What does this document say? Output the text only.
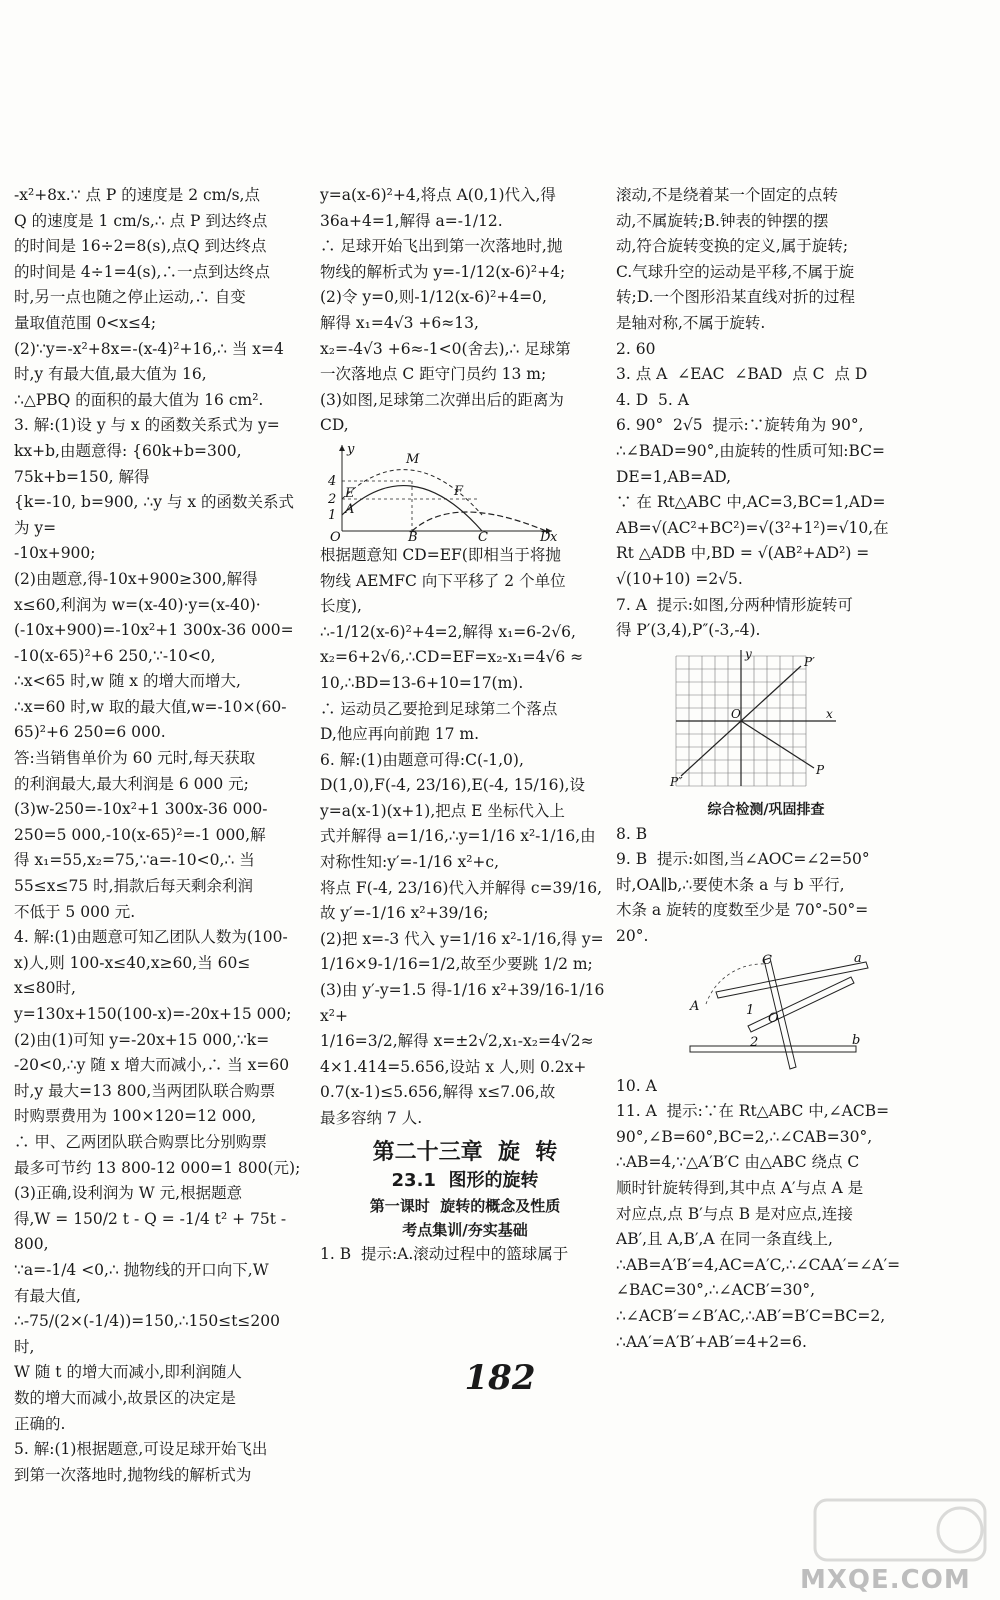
-x²+8x.∵ 点 P 的速度是 2 cm/s,点

Q 的速度是 1 cm/s,∴ 点 P 到达终点

的时间是 16÷2=8(s),点Q 到达终点

的时间是 4÷1=4(s),∴一点到达终点

时,另一点也随之停止运动,∴ 自变

量取值范围 0<x≤4;

(2)∵y=-x²+8x=-(x-4)²+16,∴ 当 x=4

时,y 有最大值,最大值为 16,

∴△PBQ 的面积的最大值为 16 cm².

3. 解:(1)设 y 与 x 的函数关系式为 y=

kx+b,由题意得: {60k+b=300, 75k+b=150, 解得

{k=-10, b=900, ∴y 与 x 的函数关系式为 y=

-10x+900;

(2)由题意,得-10x+900≥300,解得

x≤60,利润为 w=(x-40)·y=(x-40)·

(-10x+900)=-10x²+1 300x-36 000=

-10(x-65)²+6 250,∵-10<0,

∴x<65 时,w 随 x 的增大而增大,

∴x=60 时,w 取的最大值,w=-10×(60-

65)²+6 250=6 000.

答:当销售单价为 60 元时,每天获取

的利润最大,最大利润是 6 000 元;

(3)w-250=-10x²+1 300x-36 000-

250=5 000,-10(x-65)²=-1 000,解

得 x₁=55,x₂=75,∵a=-10<0,∴ 当

55≤x≤75 时,捐款后每天剩余利润

不低于 5 000 元.

4. 解:(1)由题意可知乙团队人数为(100-

x)人,则 100-x≤40,x≥60,当 60≤

x≤80时,

y=130x+150(100-x)=-20x+15 000;

(2)由(1)可知 y=-20x+15 000,∵k=

-20<0,∴y 随 x 增大而减小,∴ 当 x=60

时,y 最大=13 800,当两团队联合购票

时购票费用为 100×120=12 000,

∴ 甲、乙两团队联合购票比分别购票

最多可节约 13 800-12 000=1 800(元);

(3)正确,设利润为 W 元,根据题意

得,W = 150/2 t - Q = -1/4 t² + 75t - 800,

∵a=-1/4 <0,∴ 抛物线的开口向下,W

有最大值,

∴-75/(2×(-1/4))=150,∴150≤t≤200 时,

W 随 t 的增大而减小,即利润随人

数的增大而减小,故景区的决定是

正确的.

5. 解:(1)根据题意,可设足球开始飞出

到第一次落地时,抛物线的解析式为

y=a(x-6)²+4,将点 A(0,1)代入,得

36a+4=1,解得 a=-1/12.

∴ 足球开始飞出到第一次落地时,抛

物线的解析式为 y=-1/12(x-6)²+4;

(2)令 y=0,则-1/12(x-6)²+4=0,

解得 x₁=4√3 +6≈13,

x₂=-4√3 +6≈-1<0(舍去),∴ 足球第

一次落地点 C 距守门员约 13 m;

(3)如图,足球第二次弹出后的距离为

CD,

y
M
E	F
A
O	B	C	D x
4
2
1

根据题意知 CD=EF(即相当于将抛

物线 AEMFC 向下平移了 2 个单位

长度),

∴-1/12(x-6)²+4=2,解得 x₁=6-2√6,

x₂=6+2√6,∴CD=EF=x₂-x₁=4√6 ≈

10,∴BD=13-6+10=17(m).

∴ 运动员乙要抢到足球第二个落点

D,他应再向前跑 17 m.

6. 解:(1)由题意可得:C(-1,0),

D(1,0),F(-4, 23/16),E(-4, 15/16),设

y=a(x-1)(x+1),把点 E 坐标代入上

式并解得 a=1/16,∴y=1/16 x²-1/16,由

对称性知:y′=-1/16 x²+c,

将点 F(-4, 23/16)代入并解得 c=39/16,

故 y′=-1/16 x²+39/16;

(2)把 x=-3 代入 y=1/16 x²-1/16,得 y=

1/16×9-1/16=1/2,故至少要跳 1/2 m;

(3)由 y′-y=1.5 得-1/16 x²+39/16-1/16 x²+

1/16=3/2,解得 x=±2√2,x₁-x₂=4√2≈

4×1.414=5.656,设站 x 人,则 0.2x+

0.7(x-1)≤5.656,解得 x≤7.06,故

最多容纳 7 人.

第二十三章  旋  转

23.1  图形的旋转

第一课时  旋转的概念及性质

考点集训/夯实基础

1. B  提示:A.滚动过程中的篮球属于

滚动,不是绕着某一个固定的点转

动,不属旋转;B.钟表的钟摆的摆

动,符合旋转变换的定义,属于旋转;

C.气球升空的运动是平移,不属于旋

转;D.一个图形沿某直线对折的过程

是轴对称,不属于旋转.

2. 60

3. 点 A  ∠EAC  ∠BAD  点 C  点 D

4. D  5. A

6. 90°  2√5  提示:∵旋转角为 90°,

∴∠BAD=90°,由旋转的性质可知:BC=

DE=1,AB=AD,

∵ 在 Rt△ABC 中,AC=3,BC=1,AD=

AB=√(AC²+BC²)=√(3²+1²)=√10,在

Rt △ADB 中,BD = √(AB²+AD²) =

√(10+10) =2√5.

7. A  提示:如图,分两种情形旋转可

得 P′(3,4),P″(-3,-4).

y
P′
O	x
P″
P

综合检测/巩固排查

8. B

9. B  提示:如图,当∠AOC=∠2=50°

时,OA∥b,∴要使木条 a 与 b 平行,

木条 a 旋转的度数至少是 70°-50°=

20°.

C	a
A	1
O
2	b

10. A

11. A  提示:∵在 Rt△ABC 中,∠ACB=

90°,∠B=60°,BC=2,∴∠CAB=30°,

∴AB=4,∵△A′B′C 由△ABC 绕点 C

顺时针旋转得到,其中点 A′与点 A 是

对应点,点 B′与点 B 是对应点,连接

AB′,且 A,B′,A 在同一条直线上,

∴AB=A′B′=4,AC=A′C,∴∠CAA′=∠A′=

∠BAC=30°,∴∠ACB′=30°,

∴∠ACB′=∠B′AC,∴AB′=B′C=BC=2,

∴AA′=A′B′+AB′=4+2=6.

182
MXQE.COM
